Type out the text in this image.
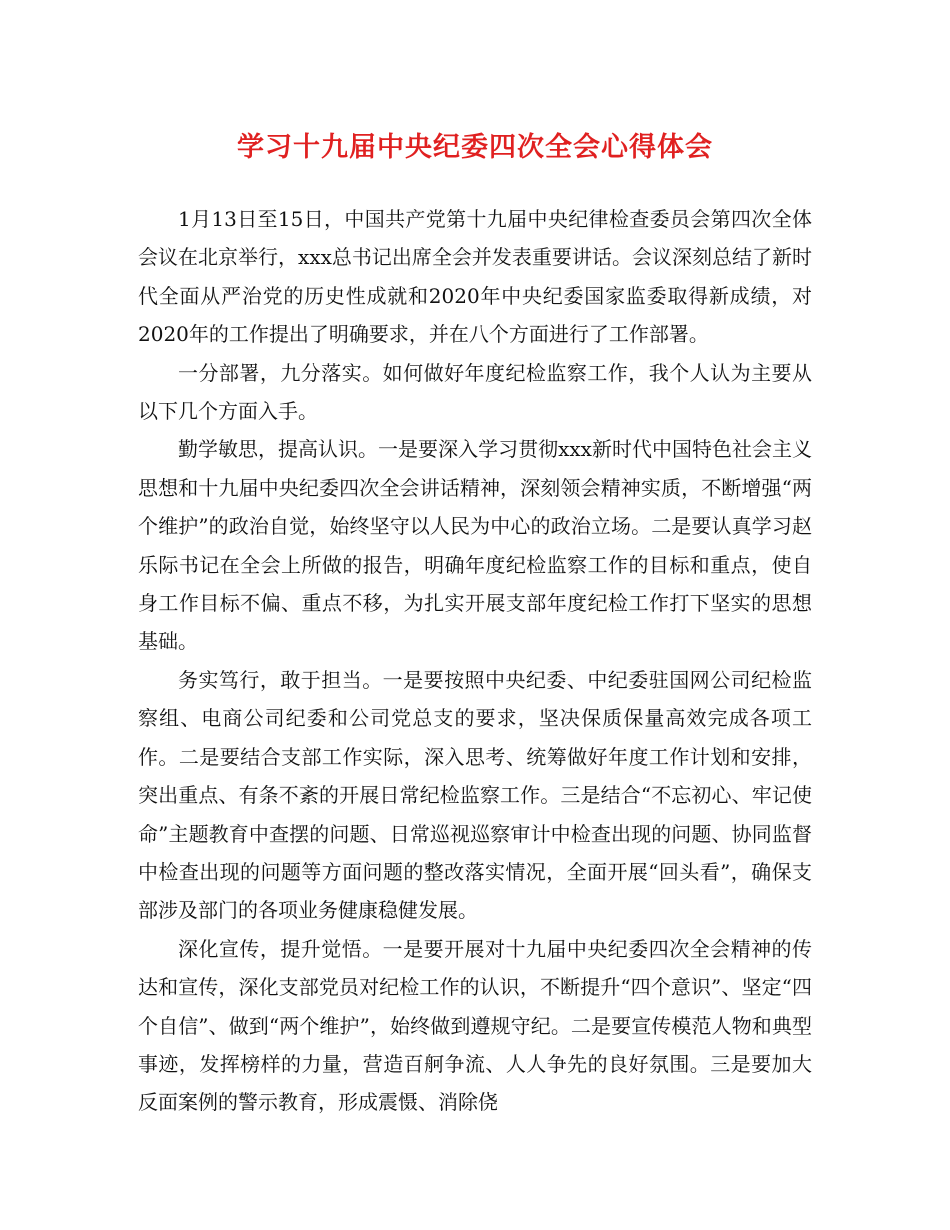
学习十九届中央纪委四次全会心得体会

1月13日至15日，中国共产党第十九届中央纪律检查委员会第四次全体会议在北京举行，xxx总书记出席全会并发表重要讲话。会议深刻总结了新时代全面从严治党的历史性成就和2020年中央纪委国家监委取得新成绩，对2020年的工作提出了明确要求，并在八个方面进行了工作部署。

一分部署，九分落实。如何做好年度纪检监察工作，我个人认为主要从以下几个方面入手。

勤学敏思，提高认识。一是要深入学习贯彻xxx新时代中国特色社会主义思想和十九届中央纪委四次全会讲话精神，深刻领会精神实质，不断增强“两个维护”的政治自觉，始终坚守以人民为中心的政治立场。二是要认真学习赵乐际书记在全会上所做的报告，明确年度纪检监察工作的目标和重点，使自身工作目标不偏、重点不移，为扎实开展支部年度纪检工作打下坚实的思想基础。

务实笃行，敢于担当。一是要按照中央纪委、中纪委驻国网公司纪检监察组、电商公司纪委和公司党总支的要求，坚决保质保量高效完成各项工作。二是要结合支部工作实际，深入思考、统筹做好年度工作计划和安排，突出重点、有条不紊的开展日常纪检监察工作。三是结合“不忘初心、牢记使命”主题教育中查摆的问题、日常巡视巡察审计中检查出现的问题、协同监督中检查出现的问题等方面问题的整改落实情况，全面开展“回头看”，确保支部涉及部门的各项业务健康稳健发展。

深化宣传，提升觉悟。一是要开展对十九届中央纪委四次全会精神的传达和宣传，深化支部党员对纪检工作的认识，不断提升“四个意识”、坚定“四个自信”、做到“两个维护”，始终做到遵规守纪。二是要宣传模范人物和典型事迹，发挥榜样的力量，营造百舸争流、人人争先的良好氛围。三是要加大反面案例的警示教育，形成震慑、消除侥
